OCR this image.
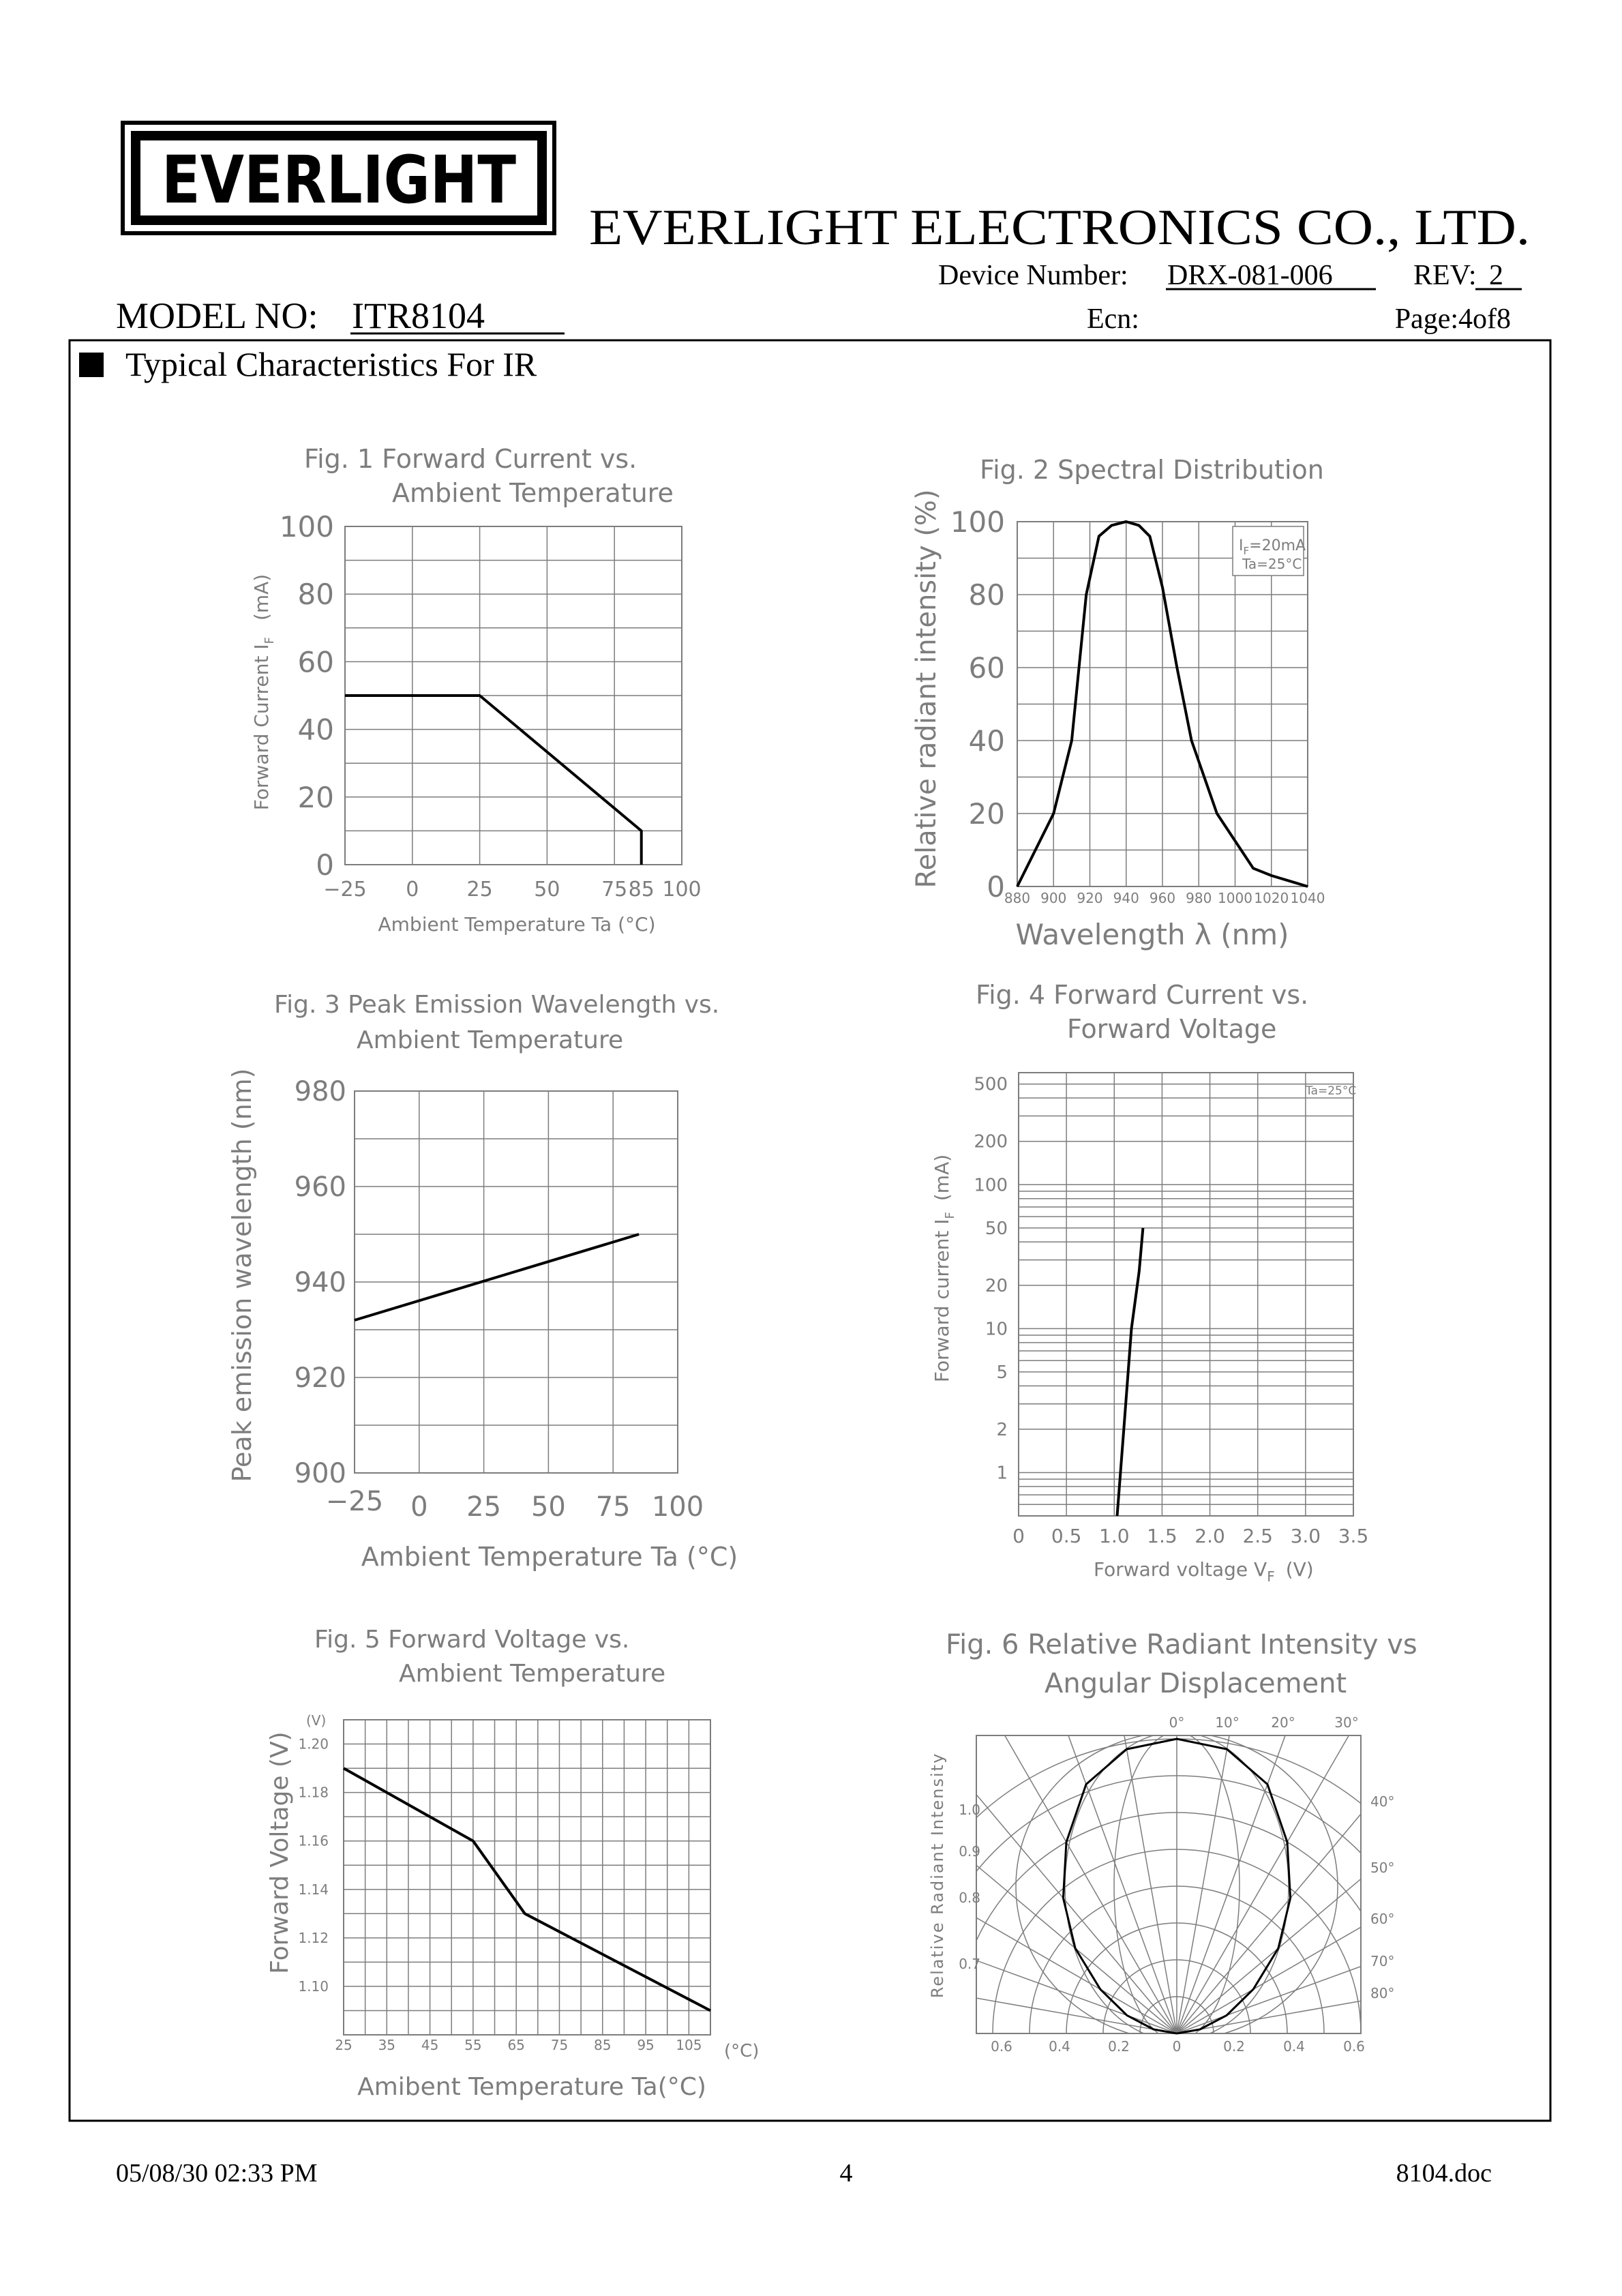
EVERLIGHT
EVERLIGHT ELECTRONICS CO., LTD.
Device Number: DRX-081-006	REV: 2
MODEL NO: ITR8104	Ecn:	Page:4of8
Typical Characteristics For IR
Fig. 1 Forward Current vs.
Ambient Temperature
−25 0 25 50 75 85 100
0
20
40
60
80
100
Ambient Temperature Ta (°C)
Forward Current $I_F(mA)$
Fig. 2 Spectral Distribution
880 900 920 940 960 980 1000 1020 1040
0
20
40
60
80
100
$I_F=20mA$
Ta=25°C
Wavelength λ (nm)
Relative radiant intensity (%)
Fig. 3 Peak Emission Wavelength vs.
Ambient Temperature
−25 0 25 50 75 100
900
920
940
960
980
Ambient Temperature Ta (°C)
Peak emission wavelength (nm)
Fig. 4 Forward Current vs.
Forward Voltage
0 0.5 1.0 1.5 2.0 2.5 3.0 3.5
1
2
5
10
20
50
100
200
500	Ta=25°C
Forward voltage $V_F$ (V)
Forward current $I_F(mA)$
Fig. 5 Forward Voltage vs.
Ambient Temperature
(V)
25 35 45 55 65 75 85 95 105
1.10
1.12
1.14
1.16
1.18
1.20
(°C)
Amibent Temperature Ta(°C)
Forward Voltage (V)
Fig. 6 Relative Radiant Intensity vs
Angular Displacement
0° 10° 20°	30°
40°
50°
60°
70°
80°
1.0
0.9
0.8
0.7
0.6	0.4	0.2	0	0.2	0.4	0.6
Relative Radiant Intensity
05/08/30 02:33 PM	4	8104.doc
